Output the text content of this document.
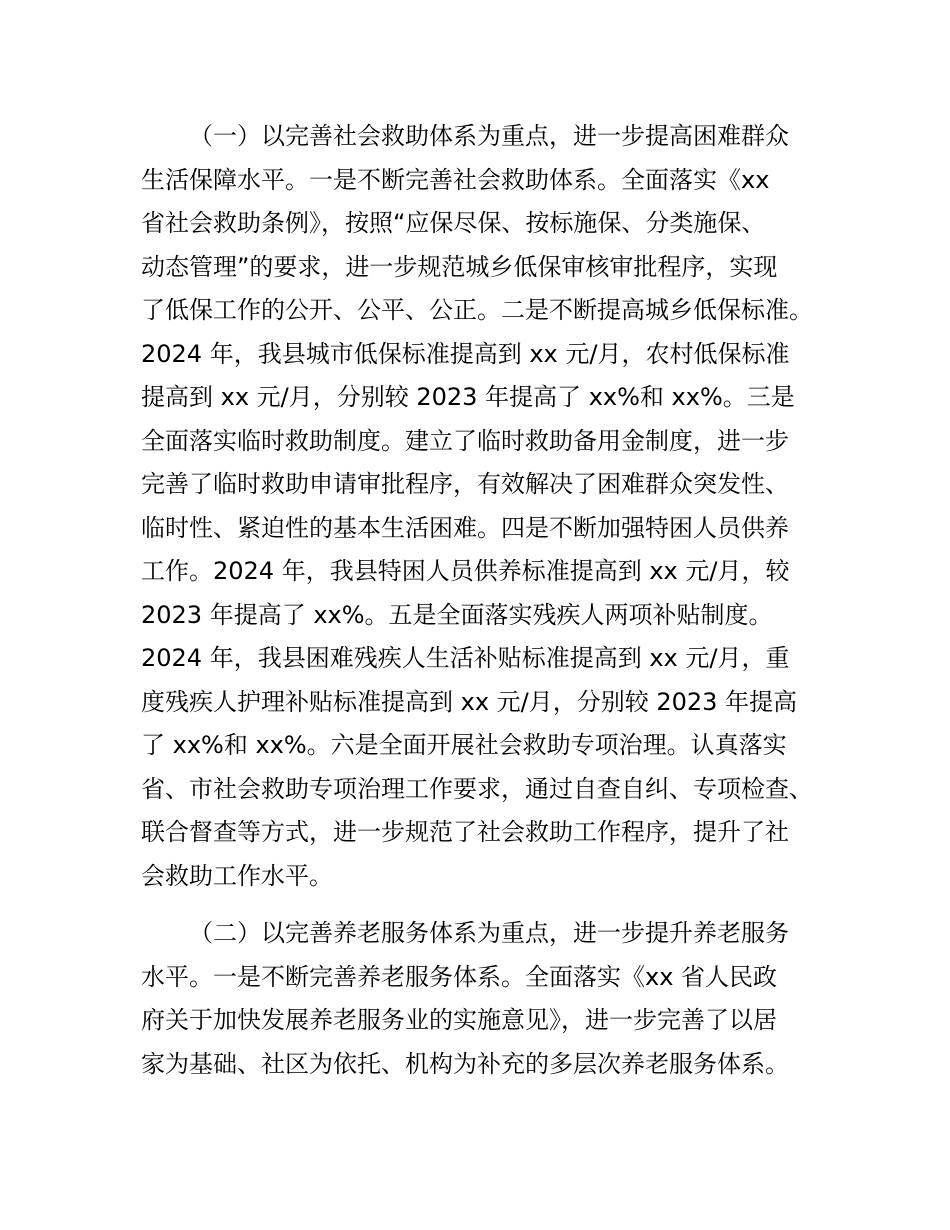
（一）以完善社会救助体系为重点，进一步提高困难群众
生活保障水平。一是不断完善社会救助体系。全面落实《xx
省社会救助条例》，按照“应保尽保、按标施保、分类施保、
动态管理”的要求，进一步规范城乡低保审核审批程序，实现
了低保工作的公开、公平、公正。二是不断提高城乡低保标准。
2024 年，我县城市低保标准提高到 xx 元/月，农村低保标准
提高到 xx 元/月，分别较 2023 年提高了 xx%和 xx%。三是
全面落实临时救助制度。建立了临时救助备用金制度，进一步
完善了临时救助申请审批程序，有效解决了困难群众突发性、
临时性、紧迫性的基本生活困难。四是不断加强特困人员供养
工作。2024 年，我县特困人员供养标准提高到 xx 元/月，较
2023 年提高了 xx%。五是全面落实残疾人两项补贴制度。
2024 年，我县困难残疾人生活补贴标准提高到 xx 元/月，重
度残疾人护理补贴标准提高到 xx 元/月，分别较 2023 年提高
了 xx%和 xx%。六是全面开展社会救助专项治理。认真落实
省、市社会救助专项治理工作要求，通过自查自纠、专项检查、
联合督查等方式，进一步规范了社会救助工作程序，提升了社
会救助工作水平。
（二）以完善养老服务体系为重点，进一步提升养老服务
水平。一是不断完善养老服务体系。全面落实《xx 省人民政
府关于加快发展养老服务业的实施意见》，进一步完善了以居
家为基础、社区为依托、机构为补充的多层次养老服务体系。
